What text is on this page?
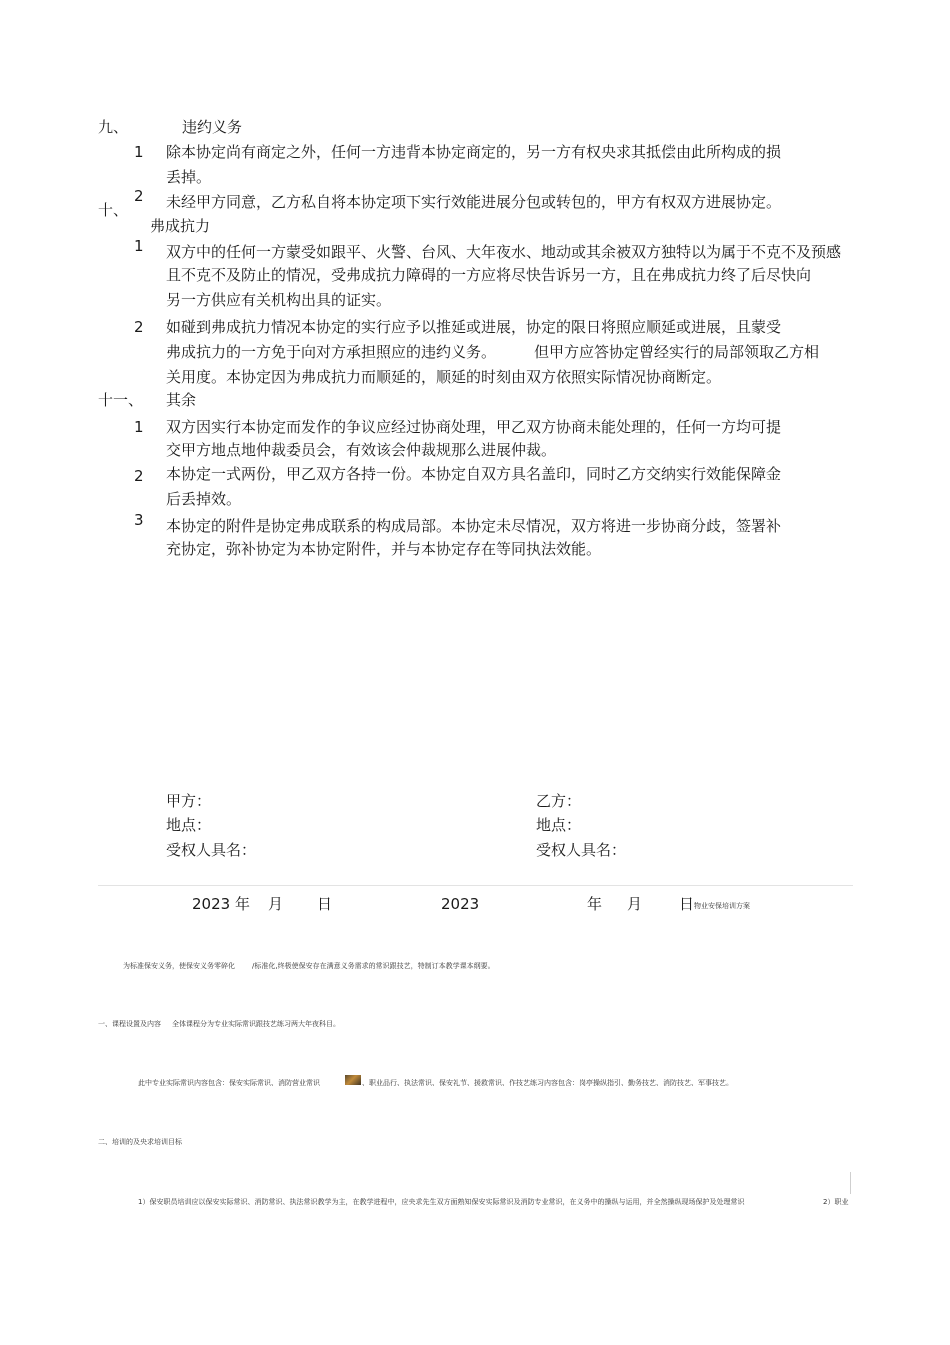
九、	违约义务
1 除本协定尚有商定之外，任何一方违背本协定商定的，另一方有权央求其抵偿由此所构成的损
丢掉。
2 未经甲方同意，乙方私自将本协定项下实行效能进展分包或转包的，甲方有权双方进展协定。
十、
弗成抗力
1 双方中的任何一方蒙受如跟平、火警、台风、大年夜水、地动或其余被双方独特以为属于不克不及预感
且不克不及防止的情况，受弗成抗力障碍的一方应将尽快告诉另一方，且在弗成抗力终了后尽快向
另一方供应有关机构出具的证实。
2 如碰到弗成抗力情况本协定的实行应予以推延或进展，协定的限日将照应顺延或进展，且蒙受
弗成抗力的一方免于向对方承担照应的违约义务。	但甲方应答协定曾经实行的局部领取乙方相
关用度。本协定因为弗成抗力而顺延的，顺延的时刻由双方依照实际情况协商断定。
十一、 其余
1 双方因实行本协定而发作的争议应经过协商处理，甲乙双方协商未能处理的，任何一方均可提
交甲方地点地仲裁委员会，有效该会仲裁规那么进展仲裁。
2 本协定一式两份，甲乙双方各持一份。本协定自双方具名盖印，同时乙方交纳实行效能保障金
后丢掉效。
3 本协定的附件是协定弗成联系的构成局部。本协定未尽情况，双方将进一步协商分歧，签署补
充协定，弥补协定为本协定附件，并与本协定存在等同执法效能。
甲方：	乙方：
地点：	地点：
受权人具名：	受权人具名：
2023 年 月 日	2023	年 月 日 物业安保培训方案
为标准保安义务，使保安义务零碎化 /标准化,终极使保安存在满意义务需求的常识跟技艺，特制订本教学课本纲要。
一、课程设置及内容 全体课程分为专业实际常识跟技艺练习两大年夜科目。
此中专业实际常识内容包含：保安实际常识、消防营业常识	、职业品行、执法常识、保安礼节、援救常识、作技艺练习内容包含：岗亭操纵指引、勤务技艺、消防技艺、军事技艺。
二、培训的及央求培训目标
1）保安职员培训应以保安实际常识、消防常识、执法常识教学为主，在教学进程中，应央求先生双方面熟知保安实际常识及消防专业常识，在义务中的操纵与运用，并全然操纵现场保护及处理常识	2）职业
